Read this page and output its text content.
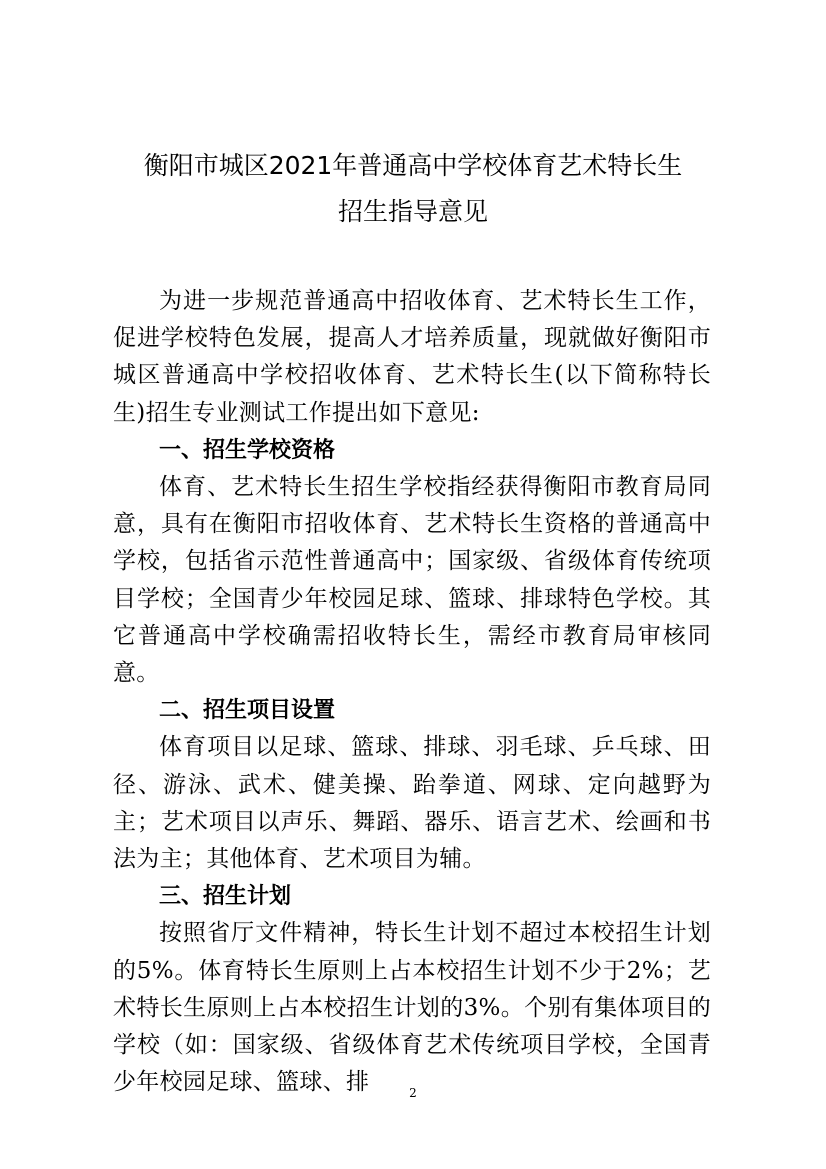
衡阳市城区2021年普通高中学校体育艺术特长生
招生指导意见

为进一步规范普通高中招收体育、艺术特长生工作，促进学校特色发展，提高人才培养质量，现就做好衡阳市城区普通高中学校招收体育、艺术特长生(以下简称特长生)招生专业测试工作提出如下意见:

一、招生学校资格

体育、艺术特长生招生学校指经获得衡阳市教育局同意，具有在衡阳市招收体育、艺术特长生资格的普通高中学校，包括省示范性普通高中；国家级、省级体育传统项目学校；全国青少年校园足球、篮球、排球特色学校。其它普通高中学校确需招收特长生，需经市教育局审核同意。

二、招生项目设置

体育项目以足球、篮球、排球、羽毛球、乒乓球、田径、游泳、武术、健美操、跆拳道、网球、定向越野为主；艺术项目以声乐、舞蹈、器乐、语言艺术、绘画和书法为主；其他体育、艺术项目为辅。

三、招生计划

按照省厅文件精神，特长生计划不超过本校招生计划的5%。体育特长生原则上占本校招生计划不少于2%；艺术特长生原则上占本校招生计划的3%。个别有集体项目的学校（如：国家级、省级体育艺术传统项目学校，全国青少年校园足球、篮球、排	2
